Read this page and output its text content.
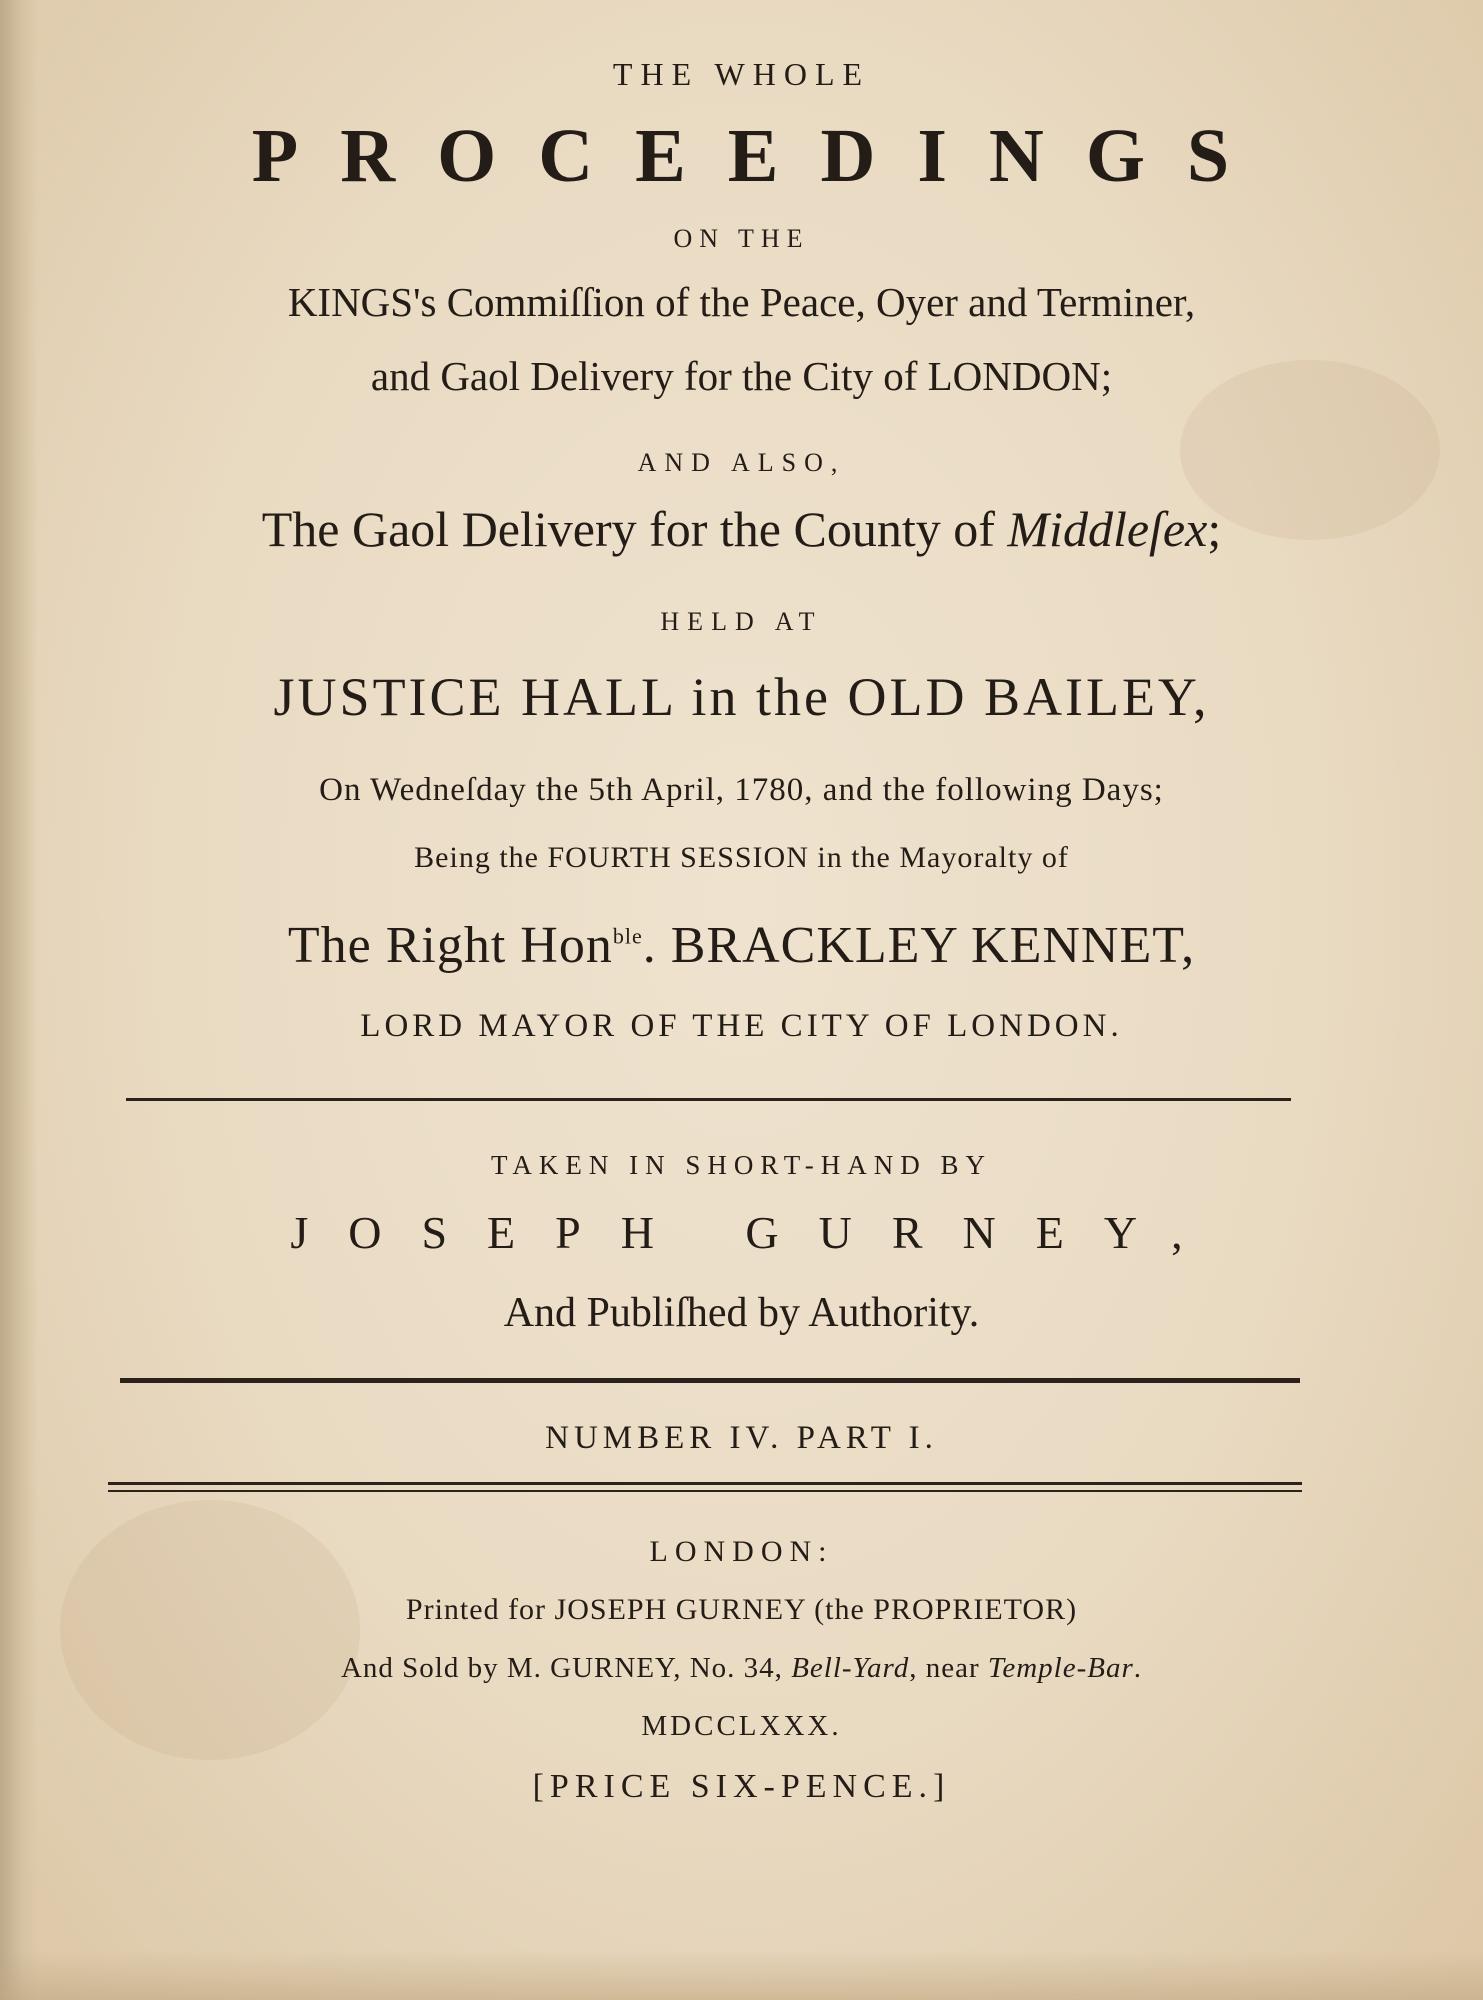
THE WHOLE
PROCEEDINGS
ON THE
KINGS's Commiſſion of the Peace, Oyer and Terminer,
and Gaol Delivery for the City of LONDON;
AND ALSO,
The Gaol Delivery for the County of Middleſex;
HELD AT
JUSTICE HALL in the OLD BAILEY,
On Wedneſday the 5th April, 1780, and the following Days;
Being the FOURTH SESSION in the Mayoralty of
The Right Hon$^{ble}$. BRACKLEY KENNET,
LORD MAYOR OF THE CITY OF LONDON.
TAKEN IN SHORT-HAND BY
JOSEPH GURNEY,
And Publiſhed by Authority.
NUMBER IV. PART I.
LONDON:
Printed for JOSEPH GURNEY (the PROPRIETOR)
And Sold by M. GURNEY, No. 34, Bell-Yard, near Temple-Bar.
MDCCLXXX.
[PRICE SIX-PENCE.]
